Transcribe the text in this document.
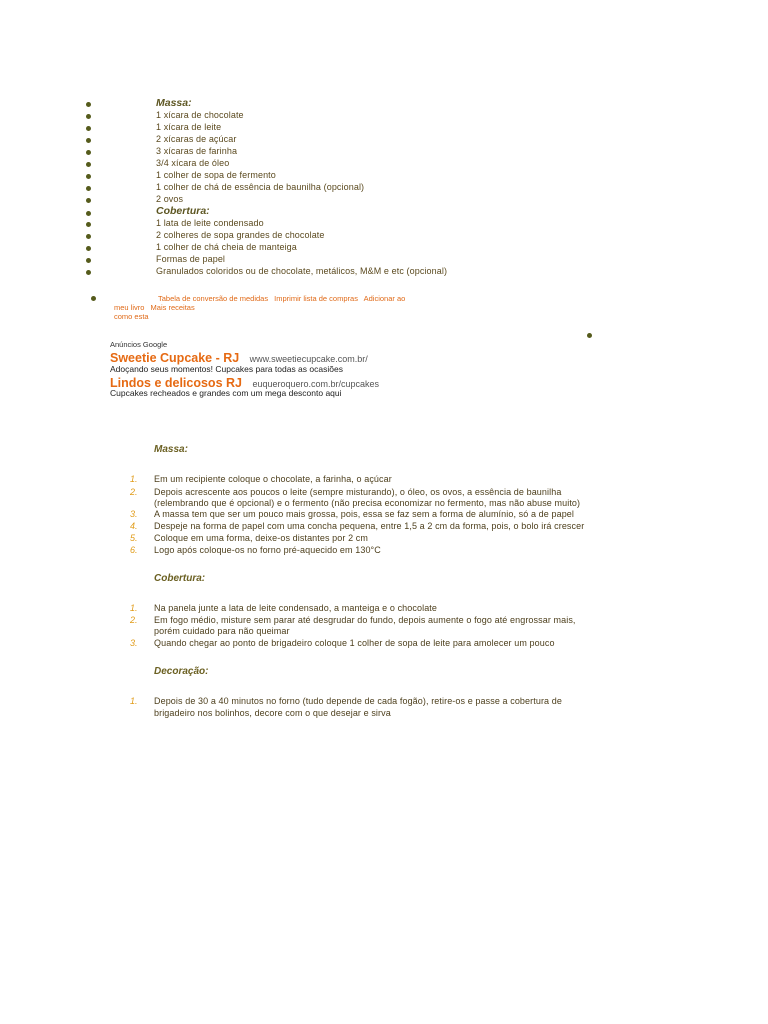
Massa:
1 xícara de chocolate
1 xícara de leite
2 xícaras de açúcar
3 xícaras de farinha
3/4 xícara de óleo
1 colher de sopa de fermento
1 colher de chá de essência de baunilha (opcional)
2 ovos
Cobertura:
1 lata de leite condensado
2 colheres de sopa grandes de chocolate
1 colher de chá cheia de manteiga
Formas de papel
Granulados coloridos ou de chocolate, metálicos, M&M e etc (opcional)
Tabela de conversão de medidas Imprimir lista de compras Adicionar ao
meu livro Mais receitas
como esta
Anúncios Google
Sweetie Cupcake - RJ www.sweetiecupcake.com.br/
Adoçando seus momentos! Cupcakes para todas as ocasiões
Lindos e delicosos RJ euqueroquero.com.br/cupcakes
Cupcakes recheados e grandes com um mega desconto aqui
Massa:
1. Em um recipiente coloque o chocolate, a farinha, o açúcar
2. Depois acrescente aos poucos o leite (sempre misturando), o óleo, os ovos, a essência de baunilha
(relembrando que é opcional) e o fermento (não precisa economizar no fermento, mas não abuse muito)
3. A massa tem que ser um pouco mais grossa, pois, essa se faz sem a forma de alumínio, só a de papel
4. Despeje na forma de papel com uma concha pequena, entre 1,5 a 2 cm da forma, pois, o bolo irá crescer
5. Coloque em uma forma, deixe-os distantes por 2 cm
6. Logo após coloque-os no forno pré-aquecido em 130°C
Cobertura:
1. Na panela junte a lata de leite condensado, a manteiga e o chocolate
2. Em fogo médio, misture sem parar até desgrudar do fundo, depois aumente o fogo até engrossar mais,
porém cuidado para não queimar
3. Quando chegar ao ponto de brigadeiro coloque 1 colher de sopa de leite para amolecer um pouco
Decoração:
1. Depois de 30 a 40 minutos no forno (tudo depende de cada fogão), retire-os e passe a cobertura de
brigadeiro nos bolinhos, decore com o que desejar e sirva
